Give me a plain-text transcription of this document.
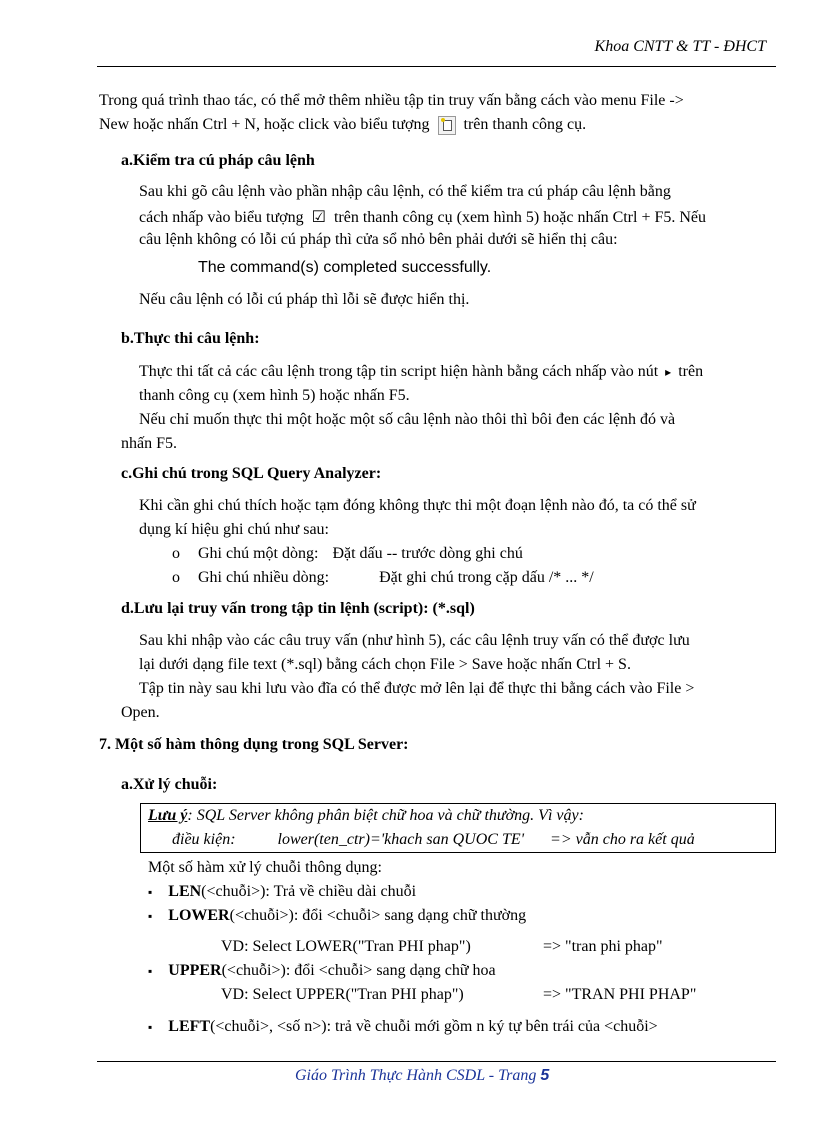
Khoa CNTT & TT - ĐHCT
Trong quá trình thao tác, có thể mở thêm nhiều tập tin truy vấn bằng cách vào menu File ->
New hoặc nhấn Ctrl + N, hoặc click vào biểu tượng trên thanh công cụ.
a.Kiểm tra cú pháp câu lệnh
Sau khi gõ câu lệnh vào phần nhập câu lệnh, có thể kiểm tra cú pháp câu lệnh bằng
cách nhấp vào biểu tượng ☑ trên thanh công cụ (xem hình 5) hoặc nhấn Ctrl + F5. Nếu
câu lệnh không có lỗi cú pháp thì cửa sổ nhỏ bên phải dưới sẽ hiển thị câu:
The command(s) completed successfully.
Nếu câu lệnh có lỗi cú pháp thì lỗi sẽ được hiển thị.
b.Thực thi câu lệnh:
Thực thi tất cả các câu lệnh trong tập tin script hiện hành bằng cách nhấp vào nút ▸ trên
thanh công cụ (xem hình 5) hoặc nhấn F5.
Nếu chỉ muốn thực thi một hoặc một số câu lệnh nào thôi thì bôi đen các lệnh đó và
nhấn F5.
c.Ghi chú trong SQL Query Analyzer:
Khi cần ghi chú thích hoặc tạm đóng không thực thi một đoạn lệnh nào đó, ta có thể sử
dụng kí hiệu ghi chú như sau:
o Ghi chú một dòng: Đặt dấu -- trước dòng ghi chú
o Ghi chú nhiều dòng:	Đặt ghi chú trong cặp dấu /* ... */
d.Lưu lại truy vấn trong tập tin lệnh (script): (*.sql)
Sau khi nhập vào các câu truy vấn (như hình 5), các câu lệnh truy vấn có thể được lưu
lại dưới dạng file text (*.sql) bằng cách chọn File > Save hoặc nhấn Ctrl + S.
Tập tin này sau khi lưu vào đĩa có thể được mở lên lại để thực thi bằng cách vào File >
Open.
7. Một số hàm thông dụng trong SQL Server:
a.Xử lý chuỗi:
Lưu ý: SQL Server không phân biệt chữ hoa và chữ thường. Vì vậy:
điều kiện:	lower(ten_ctr)='khach san QUOC TE' => vẫn cho ra kết quả
Một số hàm xử lý chuỗi thông dụng:
▪ LEN(<chuỗi>): Trả về chiều dài chuỗi
▪ LOWER(<chuỗi>): đổi <chuỗi> sang dạng chữ thường
VD: Select LOWER("Tran PHI phap")	=> "tran phi phap"
▪ UPPER(<chuỗi>): đổi <chuỗi> sang dạng chữ hoa
VD: Select UPPER("Tran PHI phap")	=> "TRAN PHI PHAP"
▪ LEFT(<chuỗi>, <số n>): trả về chuỗi mới gồm n ký tự bên trái của <chuỗi>
Giáo Trình Thực Hành CSDL - Trang 5
